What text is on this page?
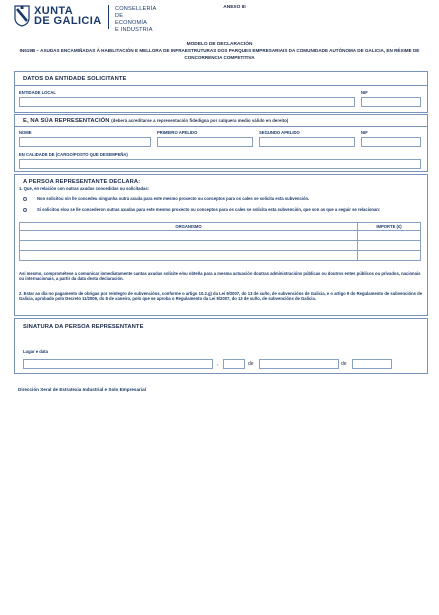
XUNTA
DE GALICIA
CONSELLERÍA
DE ECONOMÍA
E INDUSTRIA
ANEXO III
MODELO DE DECLARACIÓN
IN519B – AXUDAS ENCAMIÑADAS Á HABILITACIÓN E MELLORA DE INFRAESTRUTURAS DOS PARQUES EMPRESARIAIS DA COMUNIDADE AUTÓNOMA DE GALICIA, EN RÉXIME DE CONCORRENCIA COMPETITIVA
DATOS DA ENTIDADE SOLICITANTE
ENTIDADE LOCAL	NIF
E, NA SÚA REPRESENTACIÓN (deberá acreditarse a representación fidedigna por calquera medio válido en dereito)
NOME	PRIMEIRO APELIDO	SEGUNDO APELIDO	NIF
EN CALIDADE DE (CARGO/POSTO QUE DESEMPEÑA)
A PERSOA REPRESENTANTE DECLARA:
1. Que, en relación con outras axudas concedidas ou solicitadas:
Non solicitou nin lle concedeu ningunha outra axuda para este mesmo proxecto ou conceptos para os cales se solicita esta subvención.
Si solicitou e/ou se lle concederon outras axudas para este mesmo proxecto ou conceptos para os cales se solicita esta subvención, que son as que a seguir se relacionan:
ORGANISMO	IMPORTE (€)

Así mesmo, comprométese a comunicar inmediatamente cantas axudas solicite e/ou obteña para a mesma actuación doutras administracións públicas ou doutros entes públicos ou privados, nacionais ou internacionais, a partir da data desta declaración.
2. Estar ao día no pagamento de obrigas por reintegro de subvencións, conforme o artigo 10.2.g) da Lei 9/2007, do 13 de xuño, de subvencións de Galicia, e o artigo 9 do Regulamento de subvencións de Galicia, aprobado polo Decreto 11/2009, do 8 de xaneiro, polo que se aproba o Regulamento da Lei 9/2007, do 13 de xuño, de subvencións de Galicia.
SINATURA DA PERSOA REPRESENTANTE
Lugar e data
,	de	de
Dirección Xeral de Estratexia Industrial e Solo Empresarial
